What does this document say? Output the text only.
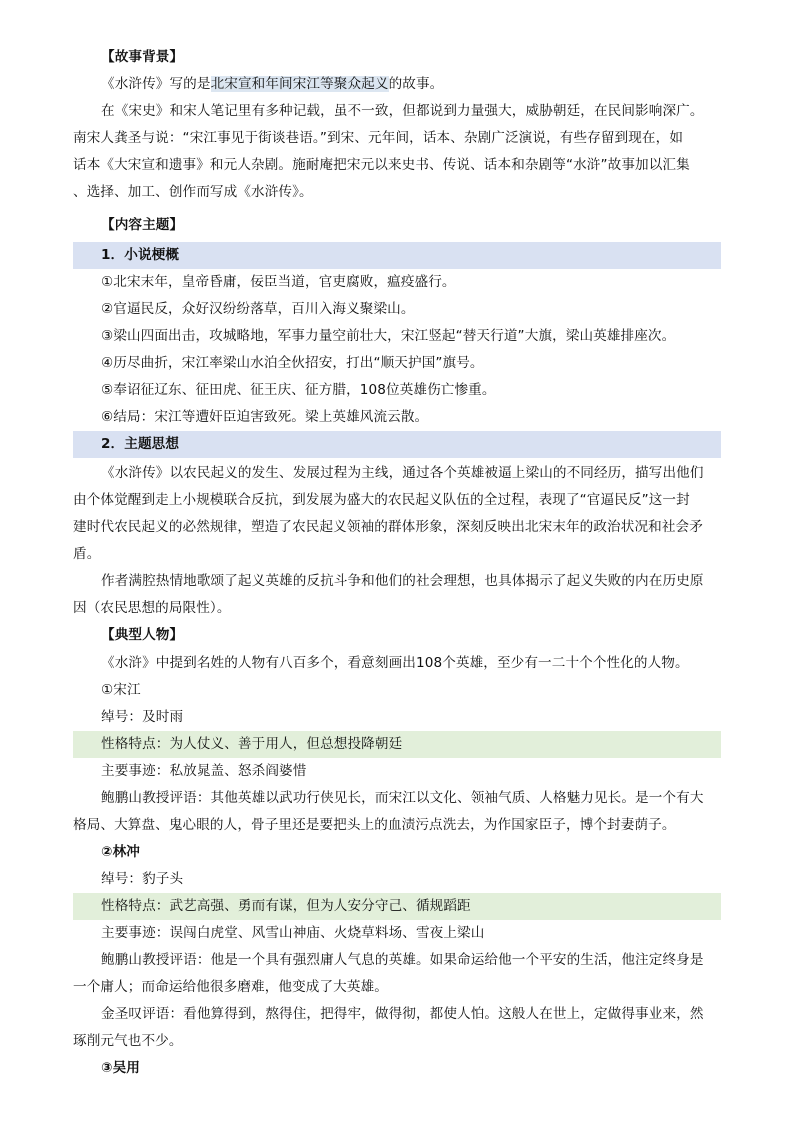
【故事背景】
《水浒传》写的是北宋宣和年间宋江等聚众起义的故事。
在《宋史》和宋人笔记里有多种记载，虽不一致，但都说到力量强大，威胁朝廷，在民间影响深广。
南宋人龚圣与说：“宋江事见于街谈巷语。”到宋、元年间，话本、杂剧广泛演说，有些存留到现在，如
话本《大宋宣和遗事》和元人杂剧。施耐庵把宋元以来史书、传说、话本和杂剧等“水浒”故事加以汇集
、选择、加工、创作而写成《水浒传》。
【内容主题】
1．小说梗概
①北宋末年，皇帝昏庸，佞臣当道，官吏腐败，瘟疫盛行。
②官逼民反，众好汉纷纷落草，百川入海义聚梁山。
③梁山四面出击，攻城略地，军事力量空前壮大，宋江竖起“替天行道”大旗，梁山英雄排座次。
④历尽曲折，宋江率梁山水泊全伙招安，打出“顺天护国”旗号。
⑤奉诏征辽东、征田虎、征王庆、征方腊，108位英雄伤亡惨重。
⑥结局：宋江等遭奸臣迫害致死。梁上英雄风流云散。
2．主题思想
《水浒传》以农民起义的发生、发展过程为主线，通过各个英雄被逼上梁山的不同经历，描写出他们
由个体觉醒到走上小规模联合反抗，到发展为盛大的农民起义队伍的全过程，表现了“官逼民反”这一封
建时代农民起义的必然规律，塑造了农民起义领袖的群体形象，深刻反映出北宋末年的政治状况和社会矛
盾。
作者满腔热情地歌颂了起义英雄的反抗斗争和他们的社会理想，也具体揭示了起义失败的内在历史原
因（农民思想的局限性）。
【典型人物】
《水浒》中提到名姓的人物有八百多个，看意刻画出108个英雄，至少有一二十个个性化的人物。
①宋江
绰号：及时雨
性格特点：为人仗义、善于用人，但总想投降朝廷
主要事迹：私放晁盖、怒杀阎婆惜
鲍鹏山教授评语：其他英雄以武功行侠见长，而宋江以文化、领袖气质、人格魅力见长。是一个有大
格局、大算盘、鬼心眼的人，骨子里还是要把头上的血渍污点洗去，为作国家臣子，博个封妻荫子。
②林冲
绰号：豹子头
性格特点：武艺高强、勇而有谋，但为人安分守己、循规蹈距
主要事迹：误闯白虎堂、风雪山神庙、火烧草料场、雪夜上梁山
鲍鹏山教授评语：他是一个具有强烈庸人气息的英雄。如果命运给他一个平安的生活，他注定终身是
一个庸人；而命运给他很多磨难，他变成了大英雄。
金圣叹评语：看他算得到，熬得住，把得牢，做得彻，都使人怕。这般人在世上，定做得事业来，然
琢削元气也不少。
③吴用
